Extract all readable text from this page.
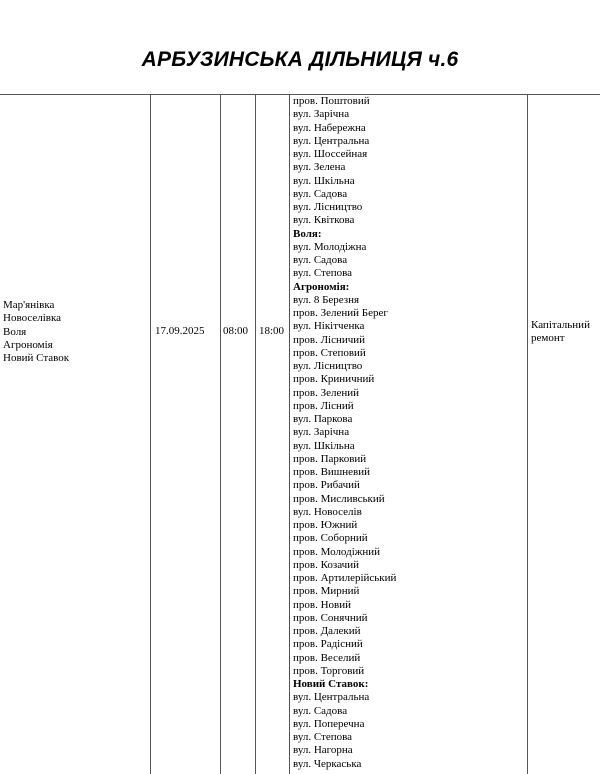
АРБУЗИНСЬКА ДІЛЬНИЦЯ ч.6
Мар'янівка
Новоселівка
Воля
Агрономія
Новий Ставок
17.09.2025 08:00 18:00	Капітальний ремонт
пров. Поштовий
вул. Зарічна
вул. Набережна
вул. Центральна
вул. Шоссейная
вул. Зелена
вул. Шкільна
вул. Садова
вул. Лісництво
вул. Квіткова
Воля:
вул. Молодіжна
вул. Садова
вул. Степова
Агрономія:
вул. 8 Березня
пров. Зелений Берег
вул. Нікітченка
пров. Лісничий
пров. Степовий
вул. Лісництво
пров. Криничний
пров. Зелений
пров. Лісний
вул. Паркова
вул. Зарічна
вул. Шкільна
пров. Парковий
пров. Вишневий
пров. Рибачий
пров. Мисливський
вул. Новоселів
пров. Южний
пров. Соборний
пров. Молодіжний
пров. Козачий
пров. Артилерійський
пров. Мирний
пров. Новий
пров. Сонячний
пров. Далекий
пров. Радісний
пров. Веселий
пров. Торговий
Новий Ставок:
вул. Центральна
вул. Садова
вул. Поперечна
вул. Степова
вул. Нагорна
вул. Черкаська
